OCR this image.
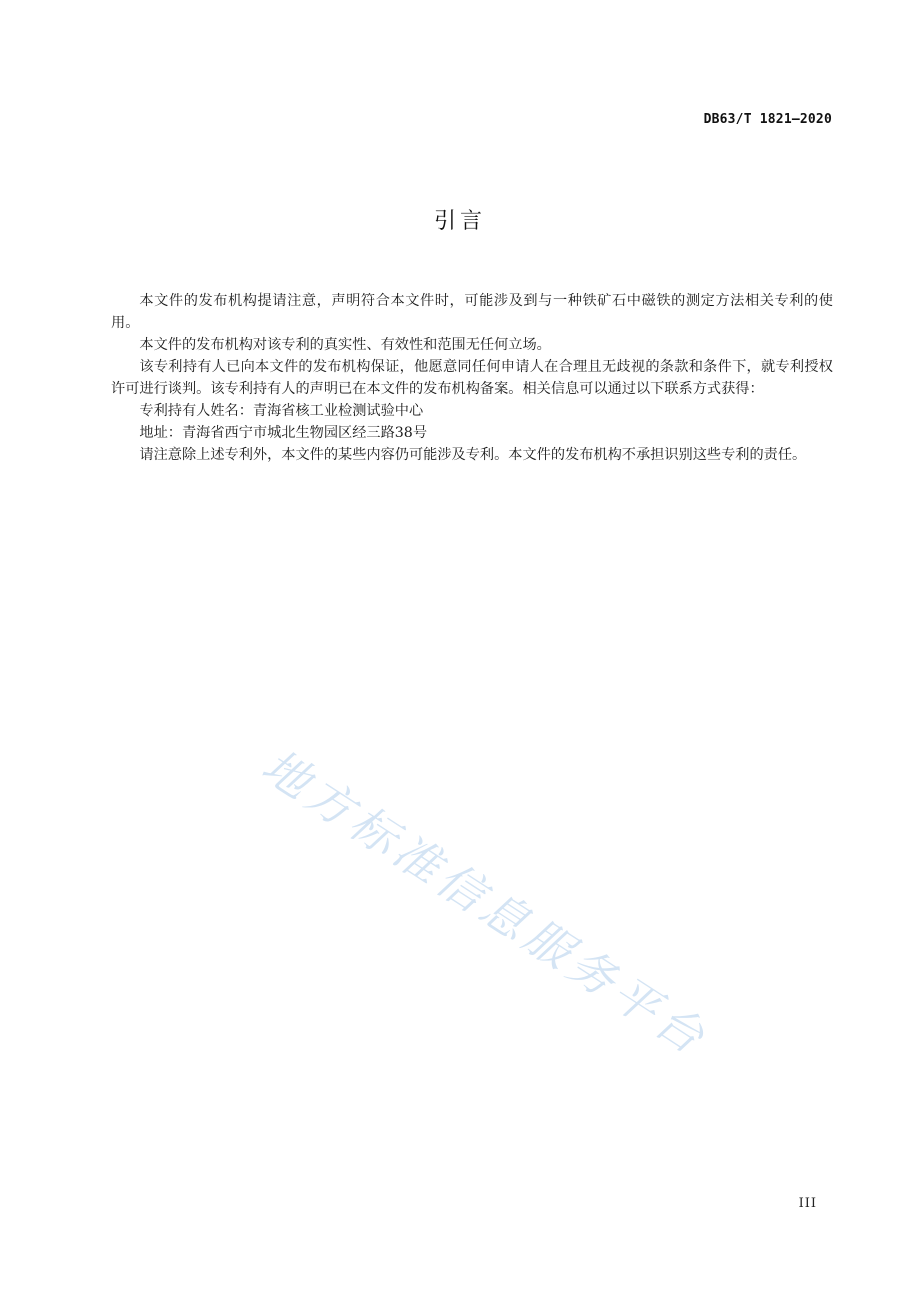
DB63/T 1821—2020
引言

本文件的发布机构提请注意，声明符合本文件时，可能涉及到与一种铁矿石中磁铁的测定方法相关专利的使用。

本文件的发布机构对该专利的真实性、有效性和范围无任何立场。

该专利持有人已向本文件的发布机构保证，他愿意同任何申请人在合理且无歧视的条款和条件下，就专利授权许可进行谈判。该专利持有人的声明已在本文件的发布机构备案。相关信息可以通过以下联系方式获得：

专利持有人姓名：青海省核工业检测试验中心

地址：青海省西宁市城北生物园区经三路38号

请注意除上述专利外，本文件的某些内容仍可能涉及专利。本文件的发布机构不承担识别这些专利的责任。

地方标准信息服务平台
III
